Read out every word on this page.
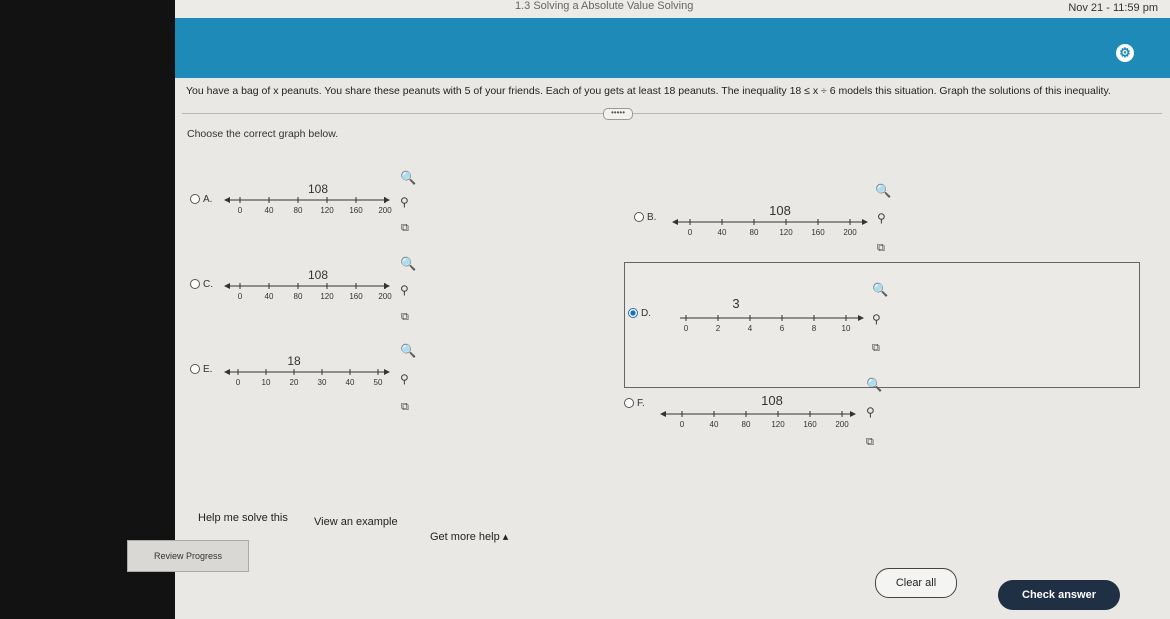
1.3 Solving a Absolute Value Solving	Nov 21 - 11:59 pm
⚙
You have a bag of x peanuts. You share these peanuts with 5 of your friends. Each of you gets at least 18 peanuts. The inequality 18 ≤ x ÷ 6 models this situation. Graph the solutions of this inequality.
•••••
Choose the correct graph below.
A.
108
0	40	80 120 160 200
🔍
⚲
⧉
B.	108
0	40	80	120 160 200
🔍
⚲
⧉
C.
108
0	40	80 120 160 200
🔍
⚲
⧉	D.
3
0	2	4	6	8	10
🔍
⚲
⧉
E.
18
0	10 20 30 40 50
🔍
⚲
⧉	F.	108
0	40	80	120 160 200
🔍
⚲
⧉
Help me solve this View an example
Get more help ▴
Review Progress
Clear all
Check answer
